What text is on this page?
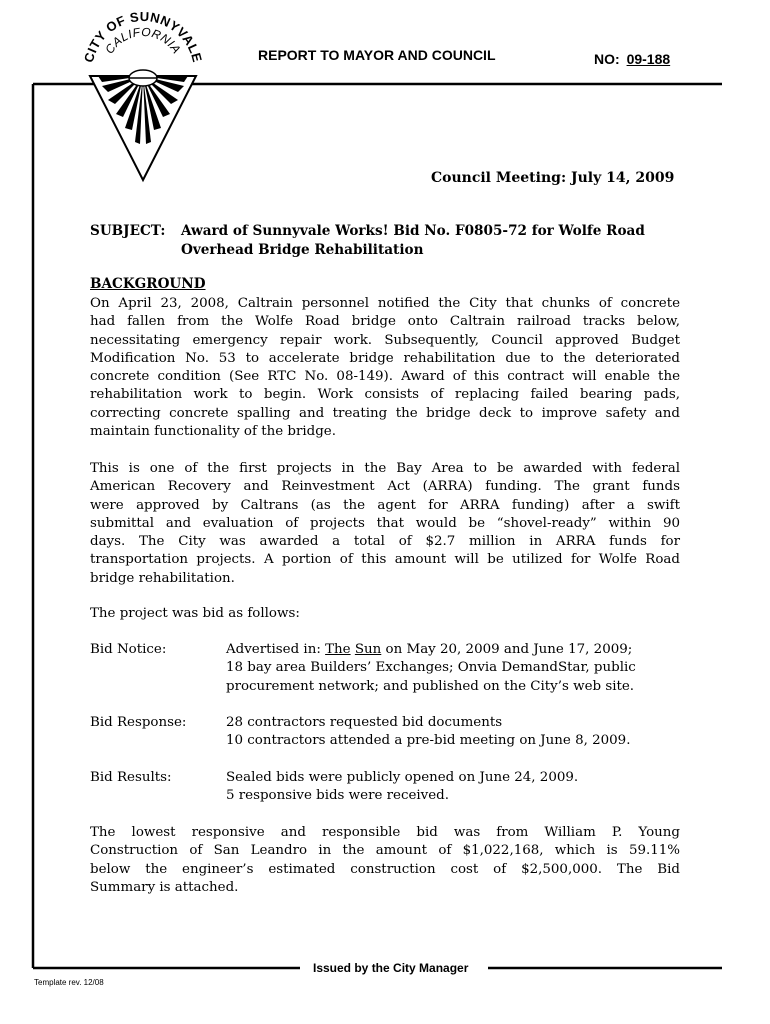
CITY OF SUNNYVALE
CALIFORNIA	REPORT TO MAYOR AND COUNCIL	NO: 09-188
Council Meeting: July 14, 2009
SUBJECT: Award of Sunnyvale Works! Bid No. F0805-72 for Wolfe Road
Overhead Bridge Rehabilitation
BACKGROUND
On April 23, 2008, Caltrain personnel notified the City that chunks of concrete
had fallen from the Wolfe Road bridge onto Caltrain railroad tracks below,
necessitating emergency repair work. Subsequently, Council approved Budget
Modification No. 53 to accelerate bridge rehabilitation due to the deteriorated
concrete condition (See RTC No. 08-149). Award of this contract will enable the
rehabilitation work to begin. Work consists of replacing failed bearing pads,
correcting concrete spalling and treating the bridge deck to improve safety and
maintain functionality of the bridge.
This is one of the first projects in the Bay Area to be awarded with federal
American Recovery and Reinvestment Act (ARRA) funding. The grant funds
were approved by Caltrans (as the agent for ARRA funding) after a swift
submittal and evaluation of projects that would be “shovel-ready” within 90
days. The City was awarded a total of $2.7 million in ARRA funds for
transportation projects. A portion of this amount will be utilized for Wolfe Road
bridge rehabilitation.
The project was bid as follows:
Bid Notice:	Advertised in: The Sun on May 20, 2009 and June 17, 2009;
18 bay area Builders’ Exchanges; Onvia DemandStar, public
procurement network; and published on the City’s web site.
Bid Response:	28 contractors requested bid documents
10 contractors attended a pre-bid meeting on June 8, 2009.
Bid Results:	Sealed bids were publicly opened on June 24, 2009.
5 responsive bids were received.
The lowest responsive and responsible bid was from William P. Young
Construction of San Leandro in the amount of $1,022,168, which is 59.11%
below the engineer’s estimated construction cost of $2,500,000. The Bid
Summary is attached.
Issued by the City Manager
Template rev. 12/08
